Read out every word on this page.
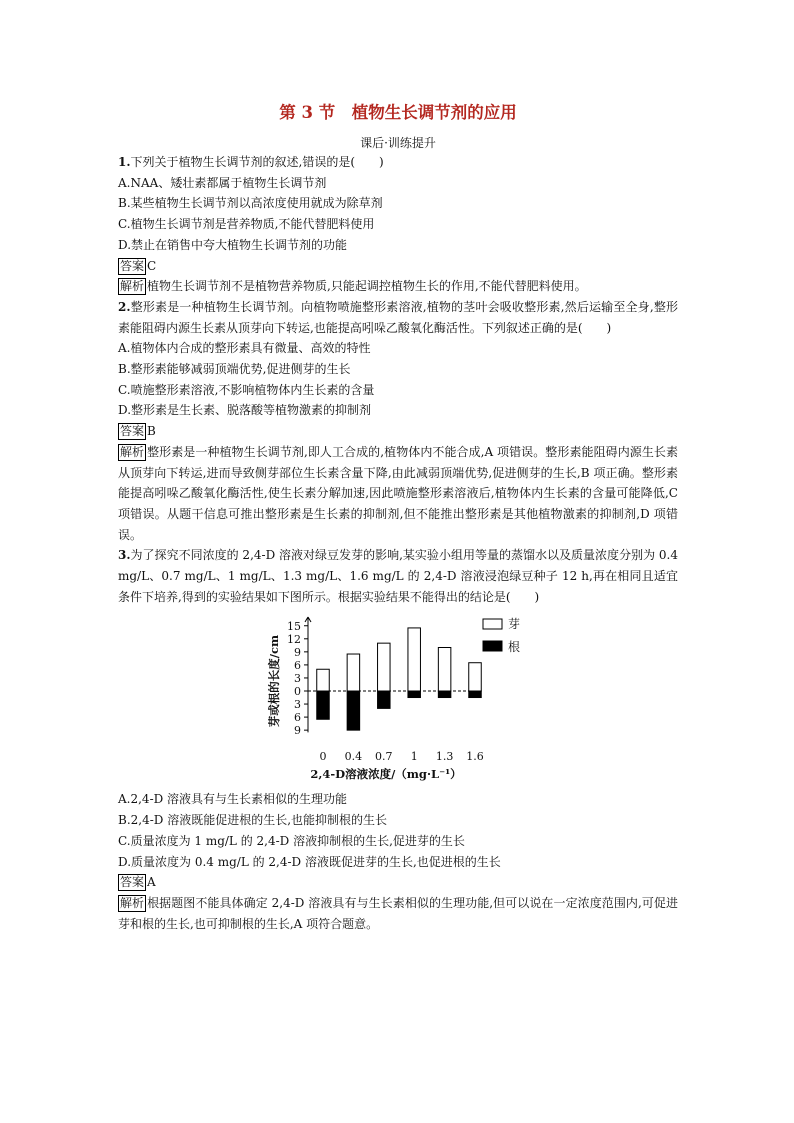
第 3 节　植物生长调节剂的应用
课后·训练提升
1.下列关于植物生长调节剂的叙述,错误的是(　　)
A.NAA、矮壮素都属于植物生长调节剂
B.某些植物生长调节剂以高浓度使用就成为除草剂
C.植物生长调节剂是营养物质,不能代替肥料使用
D.禁止在销售中夸大植物生长调节剂的功能
答案 C
解析 植物生长调节剂不是植物营养物质,只能起调控植物生长的作用,不能代替肥料使用。
2.整形素是一种植物生长调节剂。向植物喷施整形素溶液,植物的茎叶会吸收整形素,然后运输至全身,整形素能阻碍内源生长素从顶芽向下转运,也能提高吲哚乙酸氧化酶活性。下列叙述正确的是(　　)
A.植物体内合成的整形素具有微量、高效的特性
B.整形素能够减弱顶端优势,促进侧芽的生长
C.喷施整形素溶液,不影响植物体内生长素的含量
D.整形素是生长素、脱落酸等植物激素的抑制剂
答案 B
解析 整形素是一种植物生长调节剂,即人工合成的,植物体内不能合成,A 项错误。整形素能阻碍内源生长素从顶芽向下转运,进而导致侧芽部位生长素含量下降,由此减弱顶端优势,促进侧芽的生长,B 项正确。整形素能提高吲哚乙酸氧化酶活性,使生长素分解加速,因此喷施整形素溶液后,植物体内生长素的含量可能降低,C 项错误。从题干信息可推出整形素是生长素的抑制剂,但不能推出整形素是其他植物激素的抑制剂,D 项错误。
3.为了探究不同浓度的 2,4-D 溶液对绿豆发芽的影响,某实验小组用等量的蒸馏水以及质量浓度分别为 0.4 mg/L、0.7 mg/L、1 mg/L、1.3 mg/L、1.6 mg/L 的 2,4-D 溶液浸泡绿豆种子 12 h,再在相同且适宜条件下培养,得到的实验结果如下图所示。根据实验结果不能得出的结论是(　　)
芽或根的长度/cm
15
12
9
6
3
0
3
6
9
0 0.4 0.7 1 1.3 1.6
芽
根
2,4-D溶液浓度/（mg·L⁻¹）
A.2,4-D 溶液具有与生长素相似的生理功能
B.2,4-D 溶液既能促进根的生长,也能抑制根的生长
C.质量浓度为 1 mg/L 的 2,4-D 溶液抑制根的生长,促进芽的生长
D.质量浓度为 0.4 mg/L 的 2,4-D 溶液既促进芽的生长,也促进根的生长
答案 A
解析 根据题图不能具体确定 2,4-D 溶液具有与生长素相似的生理功能,但可以说在一定浓度范围内,可促进芽和根的生长,也可抑制根的生长,A 项符合题意。
